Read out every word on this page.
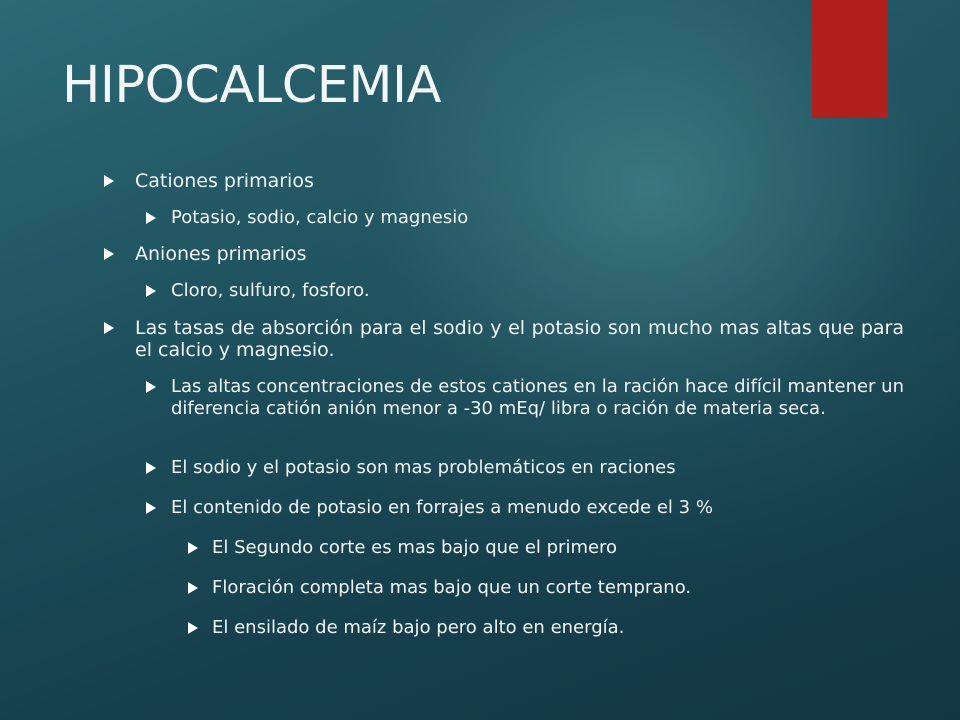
HIPOCALCEMIA
Cationes primarios
Potasio, sodio, calcio y magnesio
Aniones primarios
Cloro, sulfuro, fosforo.
Las tasas de absorción para el sodio y el potasio son mucho mas altas que para el calcio y magnesio.
Las altas concentraciones de estos cationes en la ración hace difícil mantener un diferencia catión anión menor a -30 mEq/ libra o ración de materia seca.
El sodio y el potasio son mas problemáticos en raciones
El contenido de potasio en forrajes a menudo excede el 3 %
El Segundo corte es mas bajo que el primero
Floración completa mas bajo que un corte temprano.
El ensilado de maíz bajo pero alto en energía.
